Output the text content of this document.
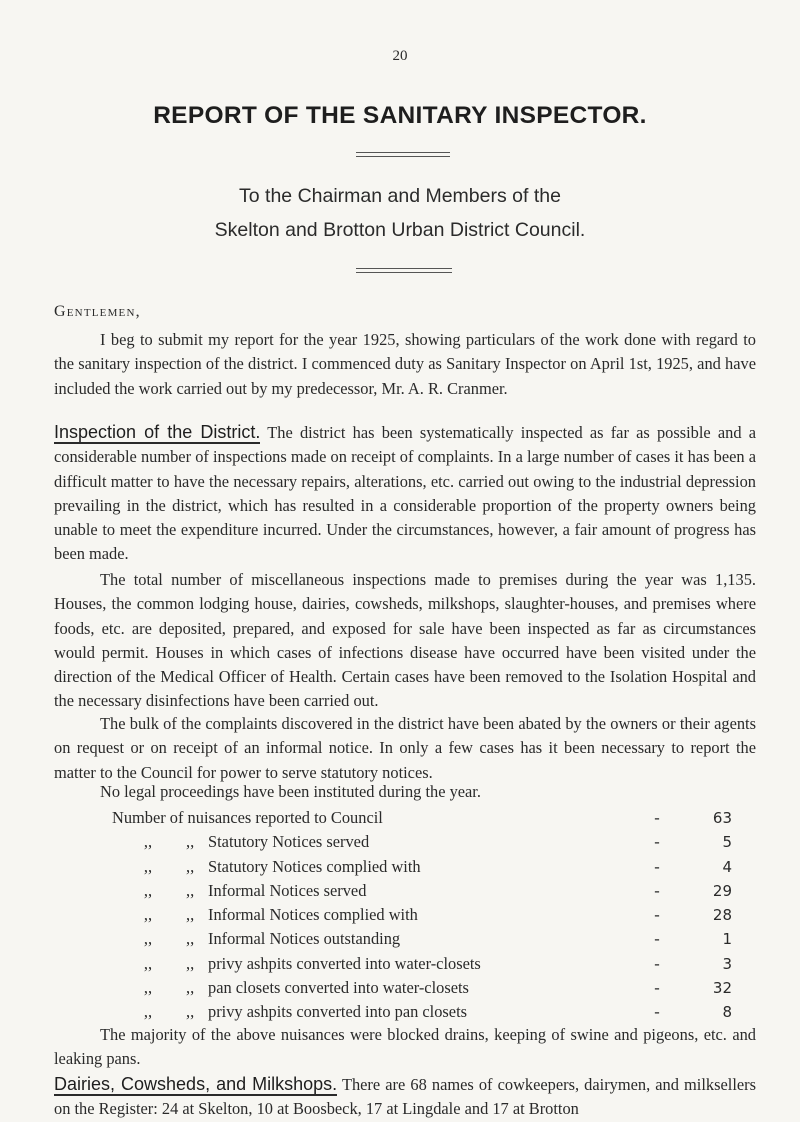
20
REPORT OF THE SANITARY INSPECTOR.
To the Chairman and Members of the
Skelton and Brotton Urban District Council.
Gentlemen,
I beg to submit my report for the year 1925, showing particulars of the work done with regard to the sanitary inspection of the district. I commenced duty as Sanitary Inspector on April 1st, 1925, and have included the work carried out by my predecessor, Mr. A. R. Cranmer.
Inspection of the District. The district has been systematically inspected as far as possible and a considerable number of inspections made on receipt of complaints. In a large number of cases it has been a difficult matter to have the necessary repairs, alterations, etc. carried out owing to the industrial depression prevailing in the district, which has resulted in a considerable proportion of the property owners being unable to meet the expenditure incurred. Under the circumstances, however, a fair amount of progress has been made.
The total number of miscellaneous inspections made to premises during the year was 1,135. Houses, the common lodging house, dairies, cowsheds, milkshops, slaughter-houses, and premises where foods, etc. are deposited, prepared, and exposed for sale have been inspected as far as circumstances would permit. Houses in which cases of infections disease have occurred have been visited under the direction of the Medical Officer of Health. Certain cases have been removed to the Isolation Hospital and the necessary disinfections have been carried out.
The bulk of the complaints discovered in the district have been abated by the owners or their agents on request or on receipt of an informal notice. In only a few cases has it been necessary to report the matter to the Council for power to serve statutory notices.
No legal proceedings have been instituted during the year.
Number of nuisances reported to Council	-	63
,,	,, Statutory Notices served	-	5
,,	,, Statutory Notices complied with	-	4
,,	,, Informal Notices served	-	29
,,	,, Informal Notices complied with	-	28
,,	,, Informal Notices outstanding	-	1
,,	,, privy ashpits converted into water-closets	-	3
,,	,, pan closets converted into water-closets	-	32
,,	,, privy ashpits converted into pan closets	-	8
The majority of the above nuisances were blocked drains, keeping of swine and pigeons, etc. and leaking pans.
Dairies, Cowsheds, and Milkshops. There are 68 names of cowkeepers, dairymen, and milksellers on the Register: 24 at Skelton, 10 at Boosbeck, 17 at Lingdale and 17 at Brotton
